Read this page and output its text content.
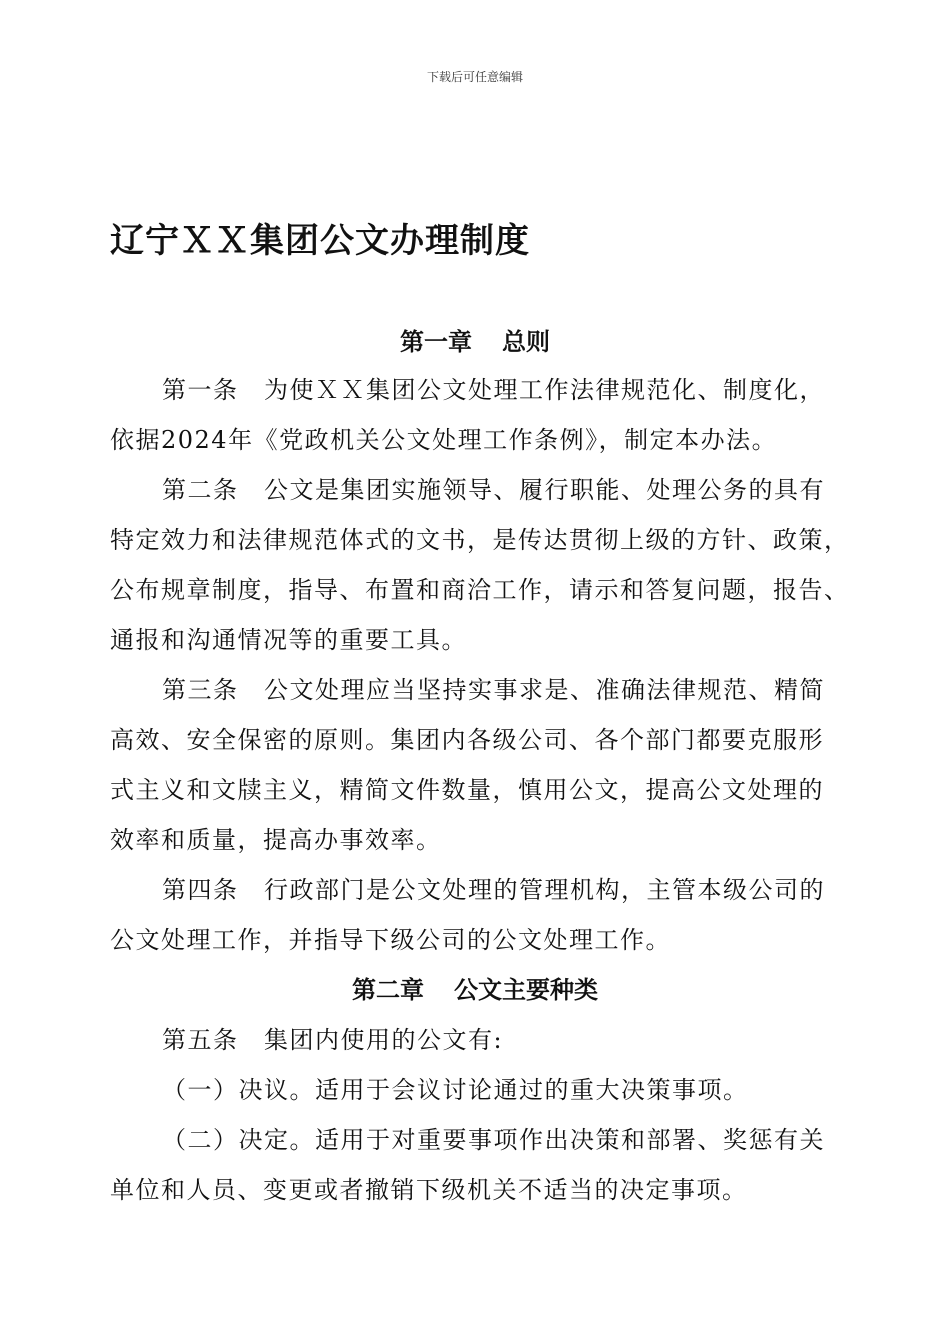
下载后可任意编辑
辽宁ＸＸ集团公文办理制度
第一章 总则
第一条　为使ＸＸ集团公文处理工作法律规范化、制度化，
依据2024年《党政机关公文处理工作条例》，制定本办法。
第二条　公文是集团实施领导、履行职能、处理公务的具有
特定效力和法律规范体式的文书，是传达贯彻上级的方针、政策，
公布规章制度，指导、布置和商洽工作，请示和答复问题，报告、
通报和沟通情况等的重要工具。
第三条　公文处理应当坚持实事求是、准确法律规范、精简
高效、安全保密的原则。集团内各级公司、各个部门都要克服形
式主义和文牍主义，精简文件数量，慎用公文，提高公文处理的
效率和质量，提高办事效率。
第四条　行政部门是公文处理的管理机构，主管本级公司的
公文处理工作，并指导下级公司的公文处理工作。
第二章 公文主要种类
第五条　集团内使用的公文有:
（一）决议。适用于会议讨论通过的重大决策事项。
（二）决定。适用于对重要事项作出决策和部署、奖惩有关
单位和人员、变更或者撤销下级机关不适当的决定事项。
